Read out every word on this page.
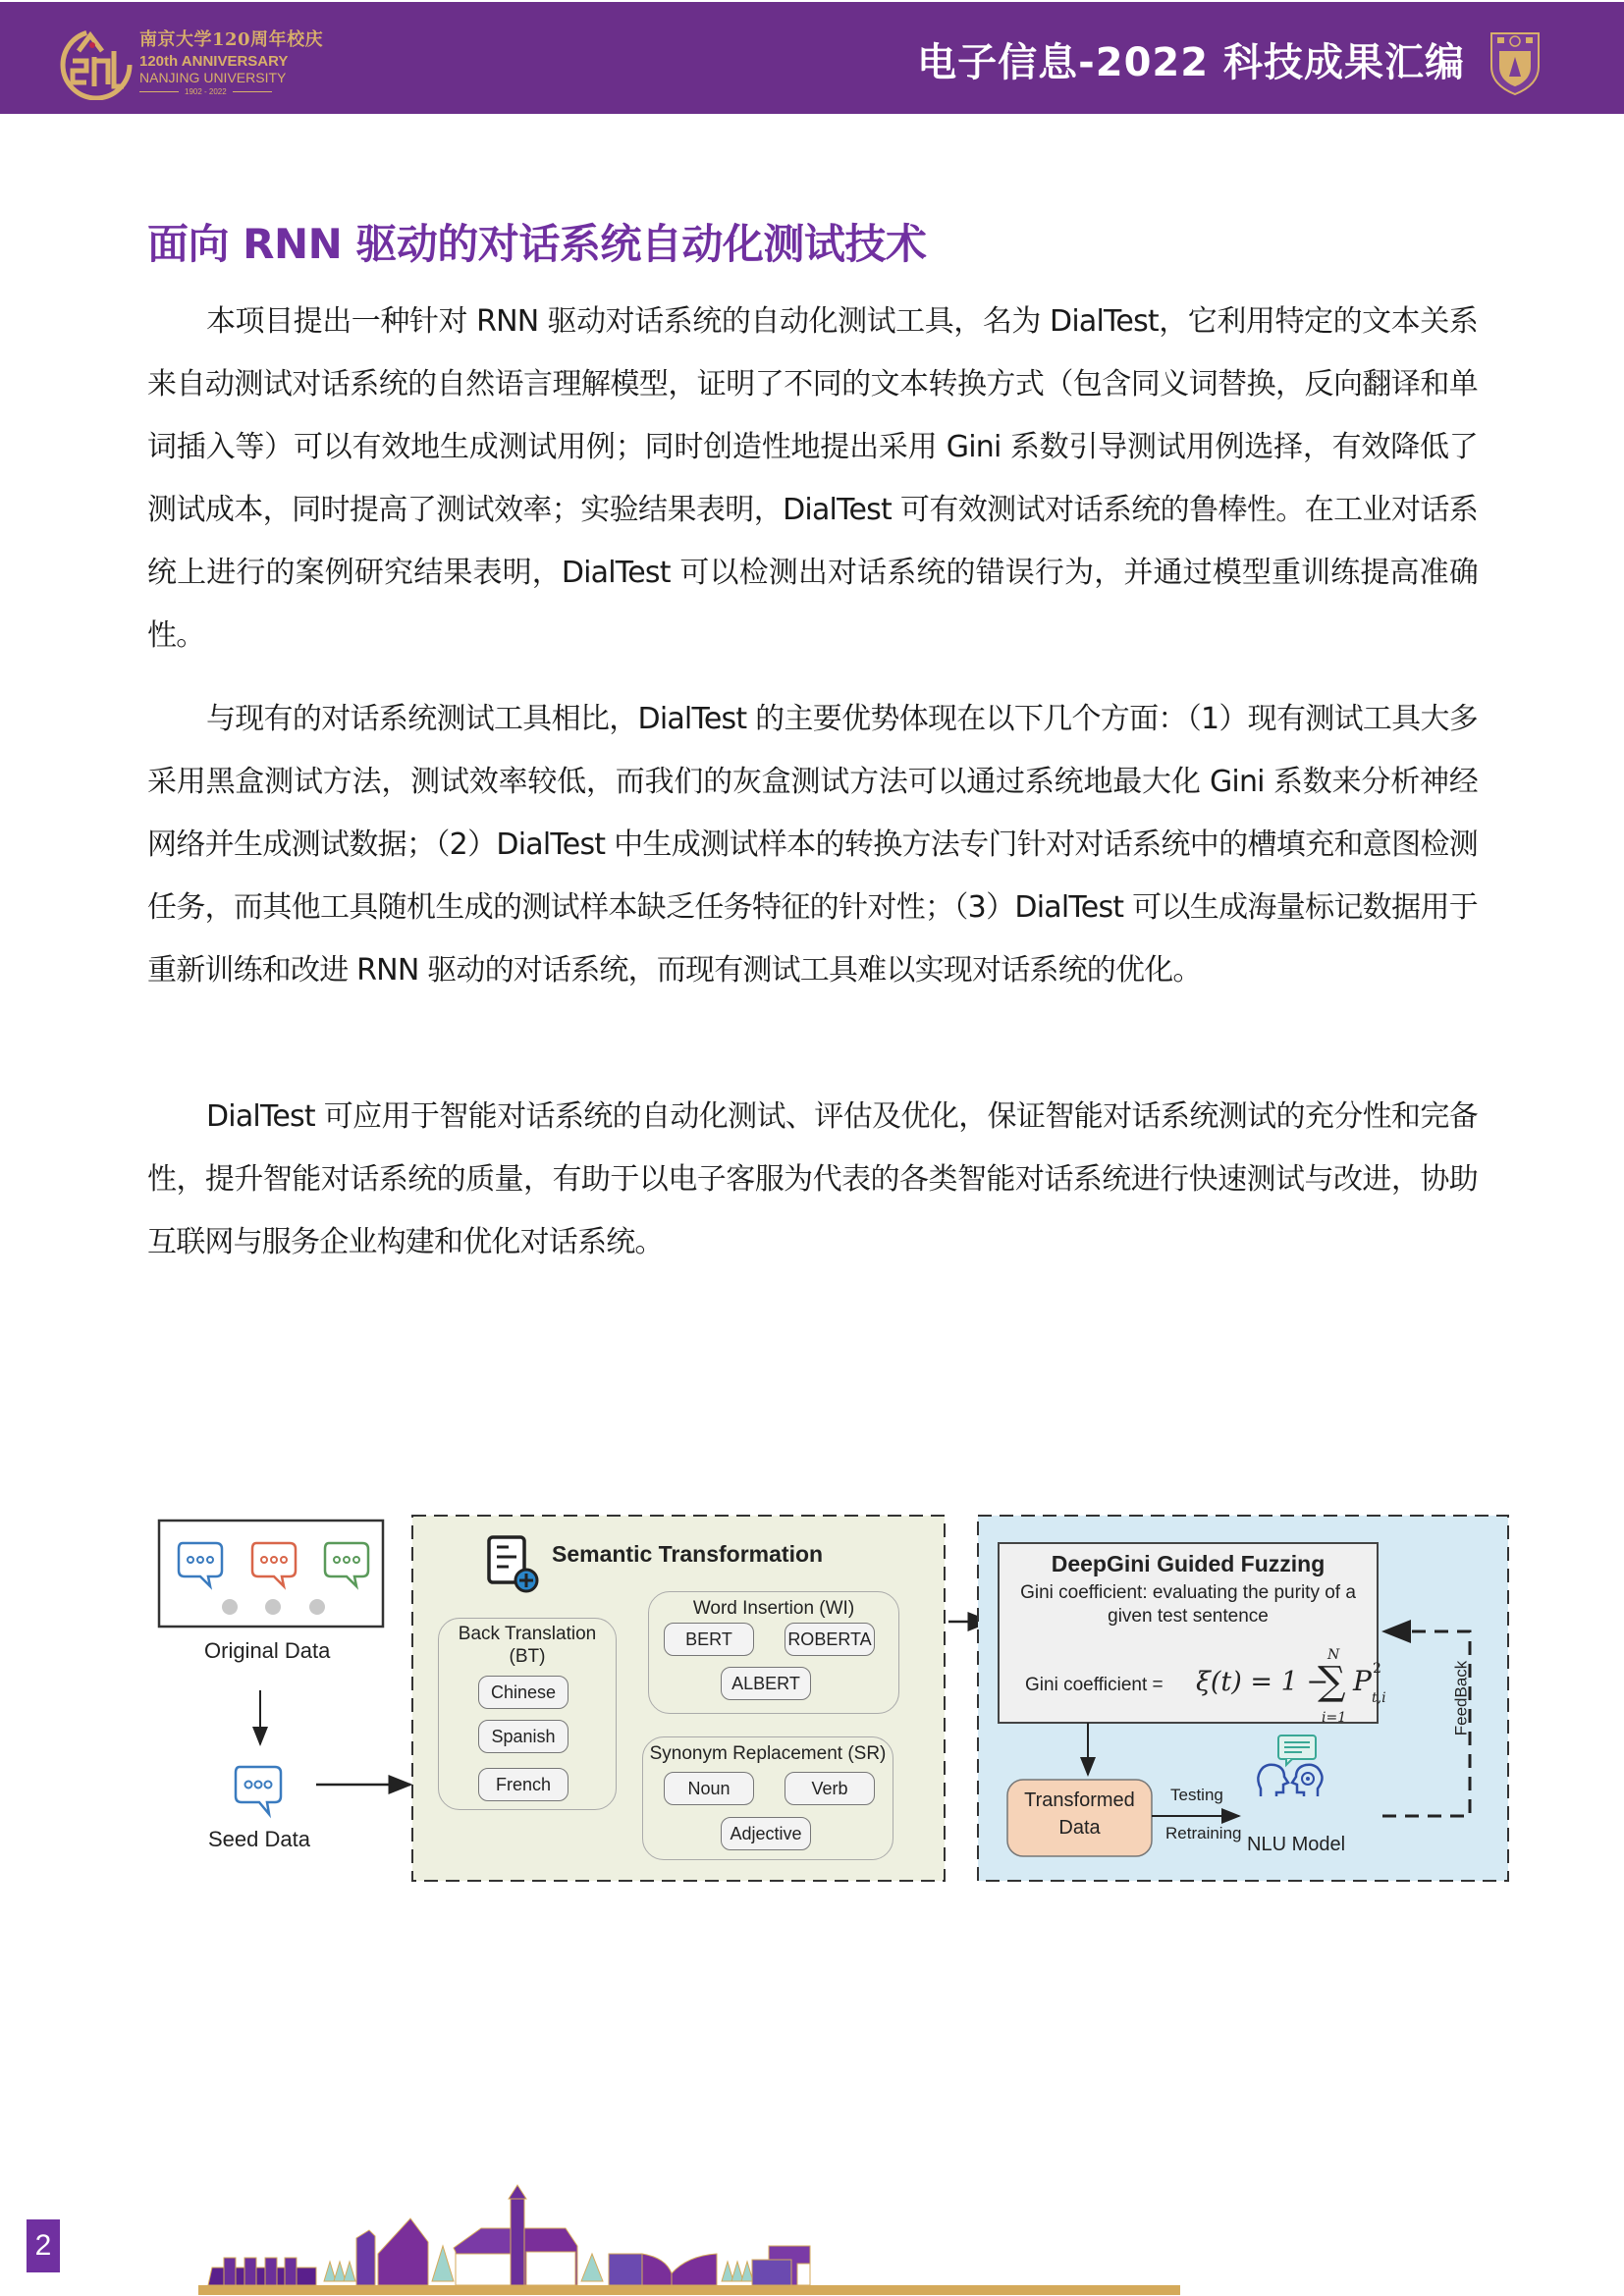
南京大学120周年校庆
120th ANNIVERSARY
NANJING UNIVERSITY
1902 - 2022
电子信息-2022 科技成果汇编
面向 RNN 驱动的对话系统自动化测试技术

本项目提出一种针对 RNN 驱动对话系统的自动化测试工具，名为 DialTest，它利用特定的文本关系来自动测试对话系统的自然语言理解模型，证明了不同的文本转换方式（包含同义词替换，反向翻译和单词插入等）可以有效地生成测试用例；同时创造性地提出采用 Gini 系数引导测试用例选择，有效降低了测试成本，同时提高了测试效率；实验结果表明，DialTest 可有效测试对话系统的鲁棒性。在工业对话系统上进行的案例研究结果表明，DialTest 可以检测出对话系统的错误行为，并通过模型重训练提高准确性。

与现有的对话系统测试工具相比，DialTest 的主要优势体现在以下几个方面：（1）现有测试工具大多采用黑盒测试方法，测试效率较低，而我们的灰盒测试方法可以通过系统地最大化 Gini 系数来分析神经网络并生成测试数据；（2）DialTest 中生成测试样本的转换方法专门针对对话系统中的槽填充和意图检测任务，而其他工具随机生成的测试样本缺乏任务特征的针对性；（3）DialTest 可以生成海量标记数据用于重新训练和改进 RNN 驱动的对话系统，而现有测试工具难以实现对话系统的优化。

DialTest 可应用于智能对话系统的自动化测试、评估及优化，保证智能对话系统测试的充分性和完备性，提升智能对话系统的质量，有助于以电子客服为代表的各类智能对话系统进行快速测试与改进，协助互联网与服务企业构建和优化对话系统。

Original Data
Seed Data
Semantic Transformation
Back Translation
(BT)
Chinese
Spanish
French
Word Insertion (WI)
BERT	ROBERTA
ALBERT
Synonym Replacement (SR)
Noun	Verb
Adjective
DeepGini Guided Fuzzing
Gini coefficient: evaluating the purity of a
given test sentence
Gini coefficient = ξ(t) = 1 −
N
∑
i=1
P 2
t,i
Transformed
Data
Testing
Retraining
NLU Model
FeedBack
2
